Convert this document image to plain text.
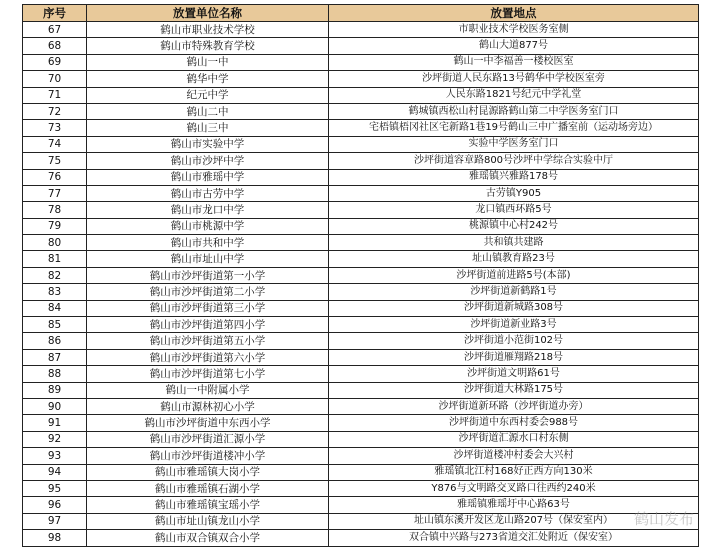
序号	放置单位名称	放置地点
67	鹤山市职业技术学校	市职业技术学校医务室侧
68	鹤山市特殊教育学校	鹤山大道877号
69	鹤山一中	鹤山一中李福善一楼校医室
70	鹤华中学	沙坪街道人民东路13号鹤华中学校医室旁
71	纪元中学	人民东路1821号纪元中学礼堂
72	鹤山二中	鹤城镇西松山村昆源路鹤山第二中学医务室门口
73	鹤山三中	宅梧镇梧冈社区宅新路1巷19号鹤山三中广播室前（运动场旁边）
74	鹤山市实验中学	实验中学医务室门口
75	鹤山市沙坪中学	沙坪街道容章路800号沙坪中学综合实验中厅
76	鹤山市雅瑶中学	雅瑶镇兴雅路178号
77	鹤山市古劳中学	古劳镇Y905
78	鹤山市龙口中学	龙口镇西环路5号
79	鹤山市桃源中学	桃源镇中心村242号
80	鹤山市共和中学	共和镇共建路
81	鹤山市址山中学	址山镇教育路23号
82	鹤山市沙坪街道第一小学	沙坪街道前进路5号(本部)
83	鹤山市沙坪街道第二小学	沙坪街道新鹤路1号
84	鹤山市沙坪街道第三小学	沙坪街道新城路308号
85	鹤山市沙坪街道第四小学	沙坪街道新业路3号
86	鹤山市沙坪街道第五小学	沙坪街道小范街102号
87	鹤山市沙坪街道第六小学	沙坪街道雁翔路218号
88	鹤山市沙坪街道第七小学	沙坪街道文明路61号
89	鹤山一中附属小学	沙坪街道大林路175号
90	鹤山市源林初心小学	沙坪街道新环路（沙坪街道办旁）
91	鹤山市沙坪街道中东西小学	沙坪街道中东西村委会988号
92	鹤山市沙坪街道汇源小学	沙坪街道汇源水口村东侧
93	鹤山市沙坪街道楼冲小学	沙坪街道楼冲村委会大兴村
94	鹤山市雅瑶镇大岗小学	雅瑶镇北江村168好正西方向130米
95	鹤山市雅瑶镇石湖小学	Y876与文明路交叉路口往西约240米
96	鹤山市雅瑶镇宝瑶小学	雅瑶镇雅瑶圩中心路63号
97	鹤山市址山镇龙山小学	址山镇东溪开发区龙山路207号（保安室内）
98	鹤山市双合镇双合小学	双合镇中兴路与273省道交汇处附近（保安室）
鹤山发布
